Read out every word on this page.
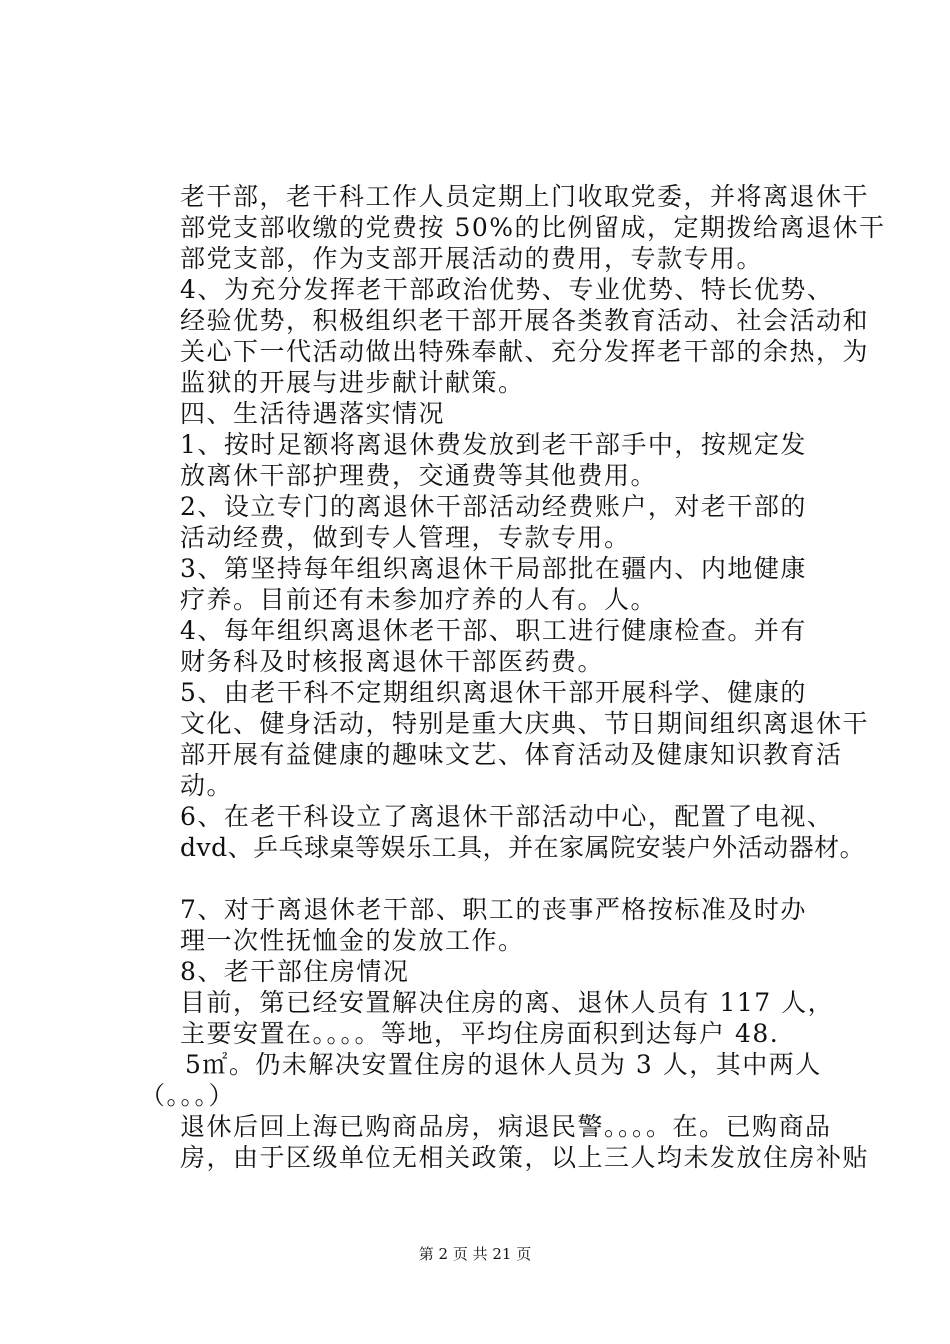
老干部，老干科工作人员定期上门收取党委，并将离退休干
部党支部收缴的党费按 50%的比例留成，定期拨给离退休干
部党支部，作为支部开展活动的费用，专款专用。
4、为充分发挥老干部政治优势、专业优势、特长优势、
经验优势，积极组织老干部开展各类教育活动、社会活动和
关心下一代活动做出特殊奉献、充分发挥老干部的余热，为
监狱的开展与进步献计献策。
四、生活待遇落实情况
1、按时足额将离退休费发放到老干部手中，按规定发
放离休干部护理费，交通费等其他费用。
2、设立专门的离退休干部活动经费账户，对老干部的
活动经费，做到专人管理，专款专用。
3、第坚持每年组织离退休干局部批在疆内、内地健康
疗养。目前还有未参加疗养的人有。人。
4、每年组织离退休老干部、职工进行健康检查。并有
财务科及时核报离退休干部医药费。
5、由老干科不定期组织离退休干部开展科学、健康的
文化、健身活动，特别是重大庆典、节日期间组织离退休干
部开展有益健康的趣味文艺、体育活动及健康知识教育活
动。
6、在老干科设立了离退休干部活动中心，配置了电视、
dvd、乒乓球桌等娱乐工具，并在家属院安装户外活动器材。
7、对于离退休老干部、职工的丧事严格按标准及时办
理一次性抚恤金的发放工作。
8、老干部住房情况
目前，第已经安置解决住房的离、退休人员有 117 人，
主要安置在。。。。等地，平均住房面积到达每户 48.
5㎡。仍未解决安置住房的退休人员为 3 人，其中两人
（。。。）
退休后回上海已购商品房，病退民警。。。。在。已购商品
房，由于区级单位无相关政策，以上三人均未发放住房补贴
第 2 页 共 21 页
